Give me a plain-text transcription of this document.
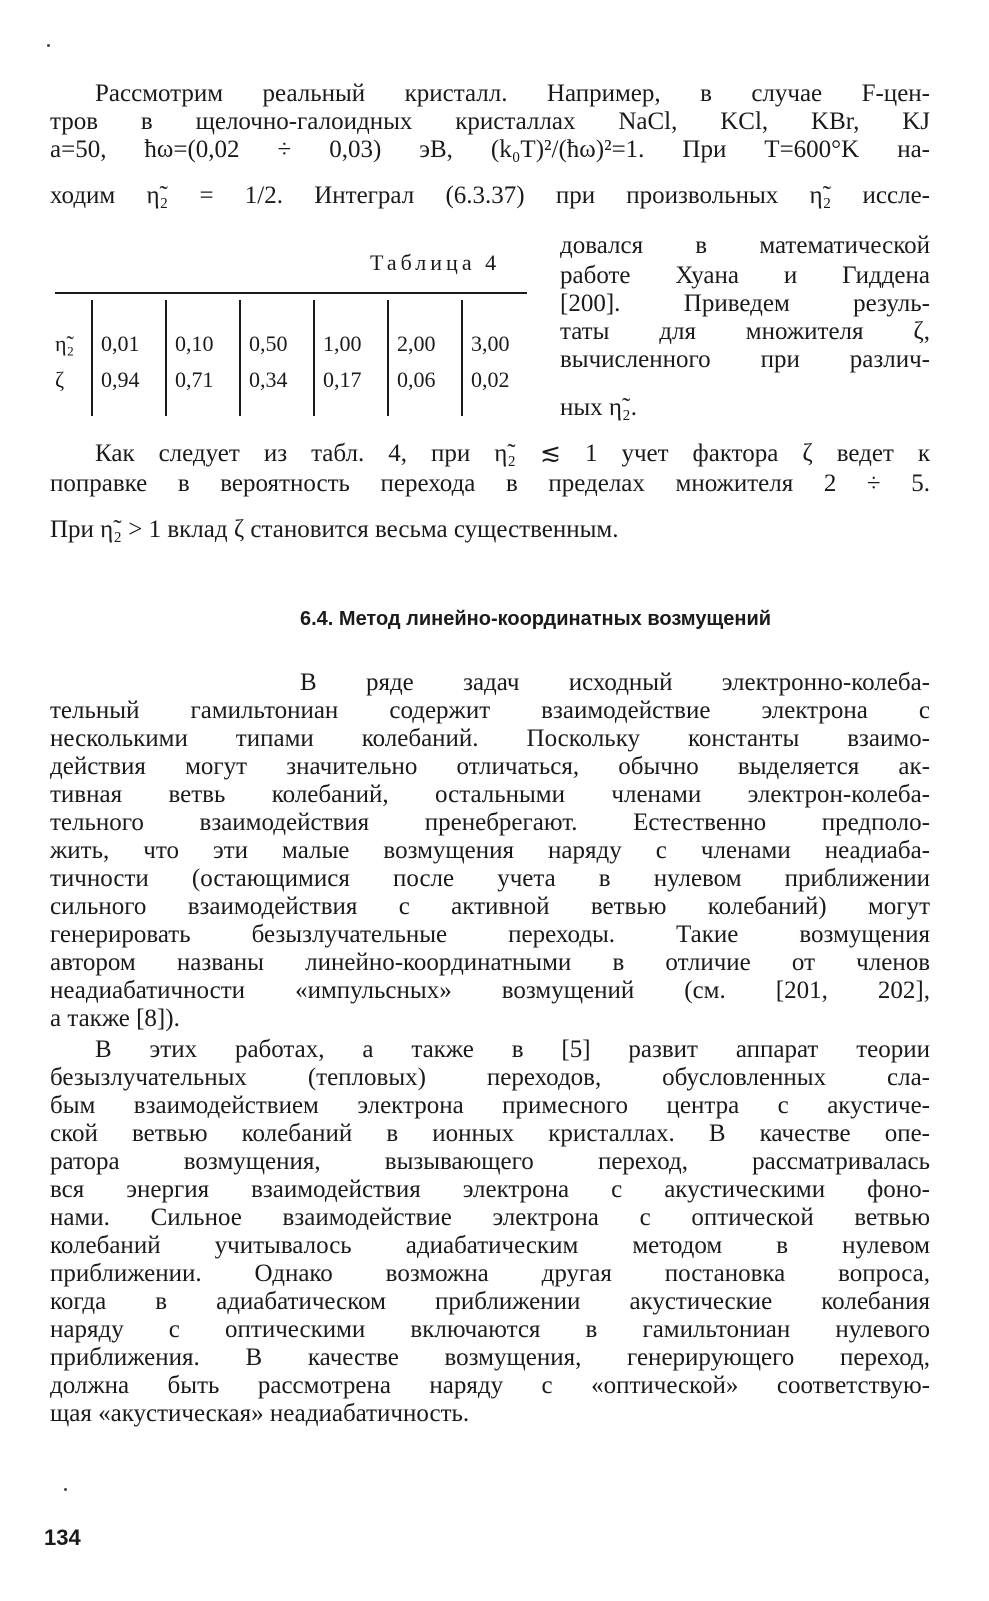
Рассмотрим реальный кристалл. Например, в случае F-цен-
тров в щелочно-галоидных кристаллах NaCl, KCl, KBr, KJ
a=50, ħω=(0,02 ÷ 0,03) эВ, (k₀T)²/(ħω)²=1. При T=600°K на-
ходим η̃₂ = 1/2. Интеграл (6.3.37) при произвольных η̃₂ иссле-
Таблица 4
η̃₂	0,01	0,10	0,50	1,00	2,00	3,00
ζ	0,94	0,71	0,34	0,17	0,06	0,02
довался в математической
работе Хуана и Гиддена
[200]. Приведем резуль-
таты для множителя ζ,
вычисленного при различ-
ных η̃₂.
Как следует из табл. 4, при η̃₂ ≲ 1 учет фактора ζ ведет к
поправке в вероятность перехода в пределах множителя 2 ÷ 5.
При η̃₂ > 1 вклад ζ становится весьма существенным.
6.4. Метод линейно-координатных возмущений
В ряде задач исходный электронно-колеба-
тельный гамильтониан содержит взаимодействие электрона с
несколькими типами колебаний. Поскольку константы взаимо-
действия могут значительно отличаться, обычно выделяется ак-
тивная ветвь колебаний, остальными членами электрон-колеба-
тельного взаимодействия пренебрегают. Естественно предполо-
жить, что эти малые возмущения наряду с членами неадиаба-
тичности (остающимися после учета в нулевом приближении
сильного взаимодействия с активной ветвью колебаний) могут
генерировать безызлучательные переходы. Такие возмущения
автором названы линейно-координатными в отличие от членов
неадиабатичности «импульсных» возмущений (см. [201, 202],
а также [8]).
В этих работах, а также в [5] развит аппарат теории
безызлучательных (тепловых) переходов, обусловленных сла-
бым взаимодействием электрона примесного центра с акустиче-
ской ветвью колебаний в ионных кристаллах. В качестве опе-
ратора возмущения, вызывающего переход, рассматривалась
вся энергия взаимодействия электрона с акустическими фоно-
нами. Сильное взаимодействие электрона с оптической ветвью
колебаний учитывалось адиабатическим методом в нулевом
приближении. Однако возможна другая постановка вопроса,
когда в адиабатическом приближении акустические колебания
наряду с оптическими включаются в гамильтониан нулевого
приближения. В качестве возмущения, генерирующего переход,
должна быть рассмотрена наряду с «оптической» соответствую-
щая «акустическая» неадиабатичность.
134
